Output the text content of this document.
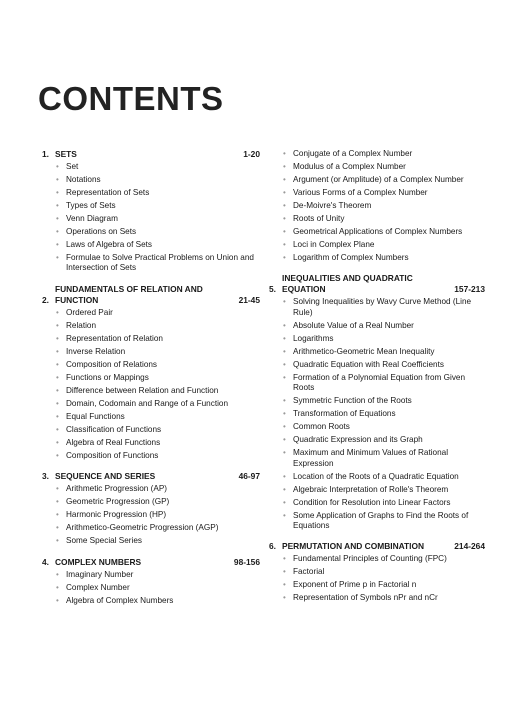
CONTENTS
1. SETS	1-20
• Set
• Notations
• Representation of Sets
• Types of Sets
• Venn Diagram
• Operations on Sets
• Laws of Algebra of Sets
• Formulae to Solve Practical Problems on Union and Intersection of Sets
2.
FUNDAMENTALS OF RELATION AND FUNCTION	21-45
• Ordered Pair
• Relation
• Representation of Relation
• Inverse Relation
• Composition of Relations
• Functions or Mappings
• Difference between Relation and Function
• Domain, Codomain and Range of a Function
• Equal Functions
• Classification of Functions
• Algebra of Real Functions
• Composition of Functions
3. SEQUENCE AND SERIES	46-97
• Arithmetic Progression (AP)
• Geometric Progression (GP)
• Harmonic Progression (HP)
• Arithmetico-Geometric Progression (AGP)
• Some Special Series
4. COMPLEX NUMBERS	98-156
• Imaginary Number
• Complex Number
• Algebra of Complex Numbers
• Conjugate of a Complex Number
• Modulus of a Complex Number
• Argument (or Amplitude) of a Complex Number
• Various Forms of a Complex Number
• De-Moivre's Theorem
• Roots of Unity
• Geometrical Applications of Complex Numbers
• Loci in Complex Plane
• Logarithm of Complex Numbers
5.
INEQUALITIES AND QUADRATIC EQUATION	157-213
• Solving Inequalities by Wavy Curve Method (Line Rule)
• Absolute Value of a Real Number
• Logarithms
• Arithmetico-Geometric Mean Inequality
• Quadratic Equation with Real Coefficients
• Formation of a Polynomial Equation from Given Roots
• Symmetric Function of the Roots
• Transformation of Equations
• Common Roots
• Quadratic Expression and its Graph
• Maximum and Minimum Values of Rational Expression
• Location of the Roots of a Quadratic Equation
• Algebraic Interpretation of Rolle's Theorem
• Condition for Resolution into Linear Factors
• Some Application of Graphs to Find the Roots of Equations
6. PERMUTATION AND COMBINATION	214-264
• Fundamental Principles of Counting (FPC)
• Factorial
• Exponent of Prime p in Factorial n
• Representation of Symbols nPr and nCr
